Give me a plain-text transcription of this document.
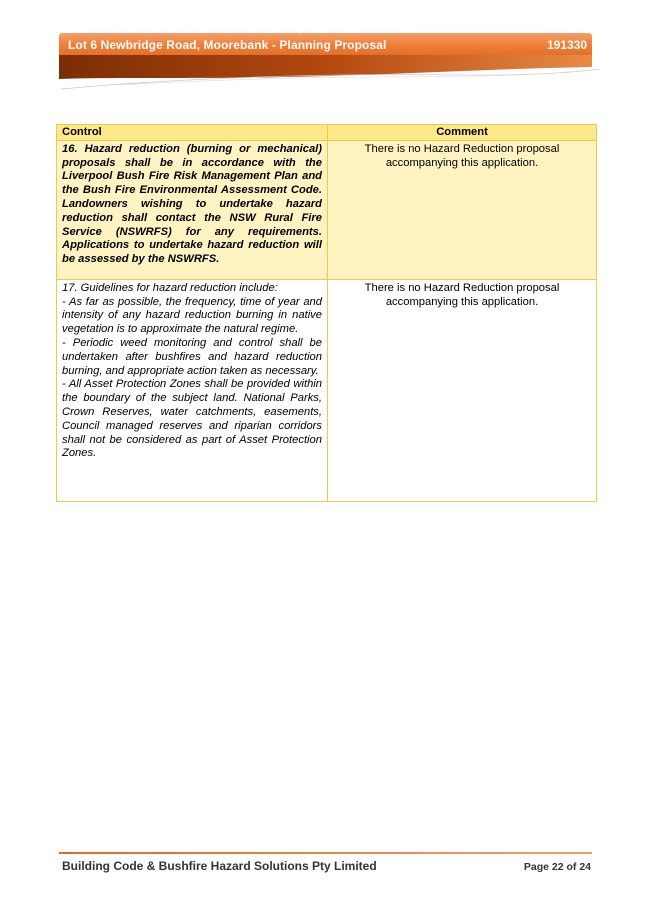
Lot 6 Newbridge Road, Moorebank - Planning Proposal	191330
Control	Comment

16. Hazard reduction (burning or mechanical) proposals shall be in accordance with the Liverpool Bush Fire Risk Management Plan and the Bush Fire Environmental Assessment Code. Landowners wishing to undertake hazard reduction shall contact the NSW Rural Fire Service (NSWRFS) for any requirements. Applications to undertake hazard reduction will be assessed by the NSWRFS.	There is no Hazard Reduction proposal accompanying this application.

17. Guidelines for hazard reduction include:
- As far as possible, the frequency, time of year and intensity of any hazard reduction burning in native vegetation is to approximate the natural regime.
- Periodic weed monitoring and control shall be undertaken after bushfires and hazard reduction burning, and appropriate action taken as necessary.
- All Asset Protection Zones shall be provided within the boundary of the subject land. National Parks, Crown Reserves, water catchments, easements, Council managed reserves and riparian corridors shall not be considered as part of Asset Protection Zones.	There is no Hazard Reduction proposal accompanying this application.
Building Code & Bushfire Hazard Solutions Pty Limited	Page 22 of 24
